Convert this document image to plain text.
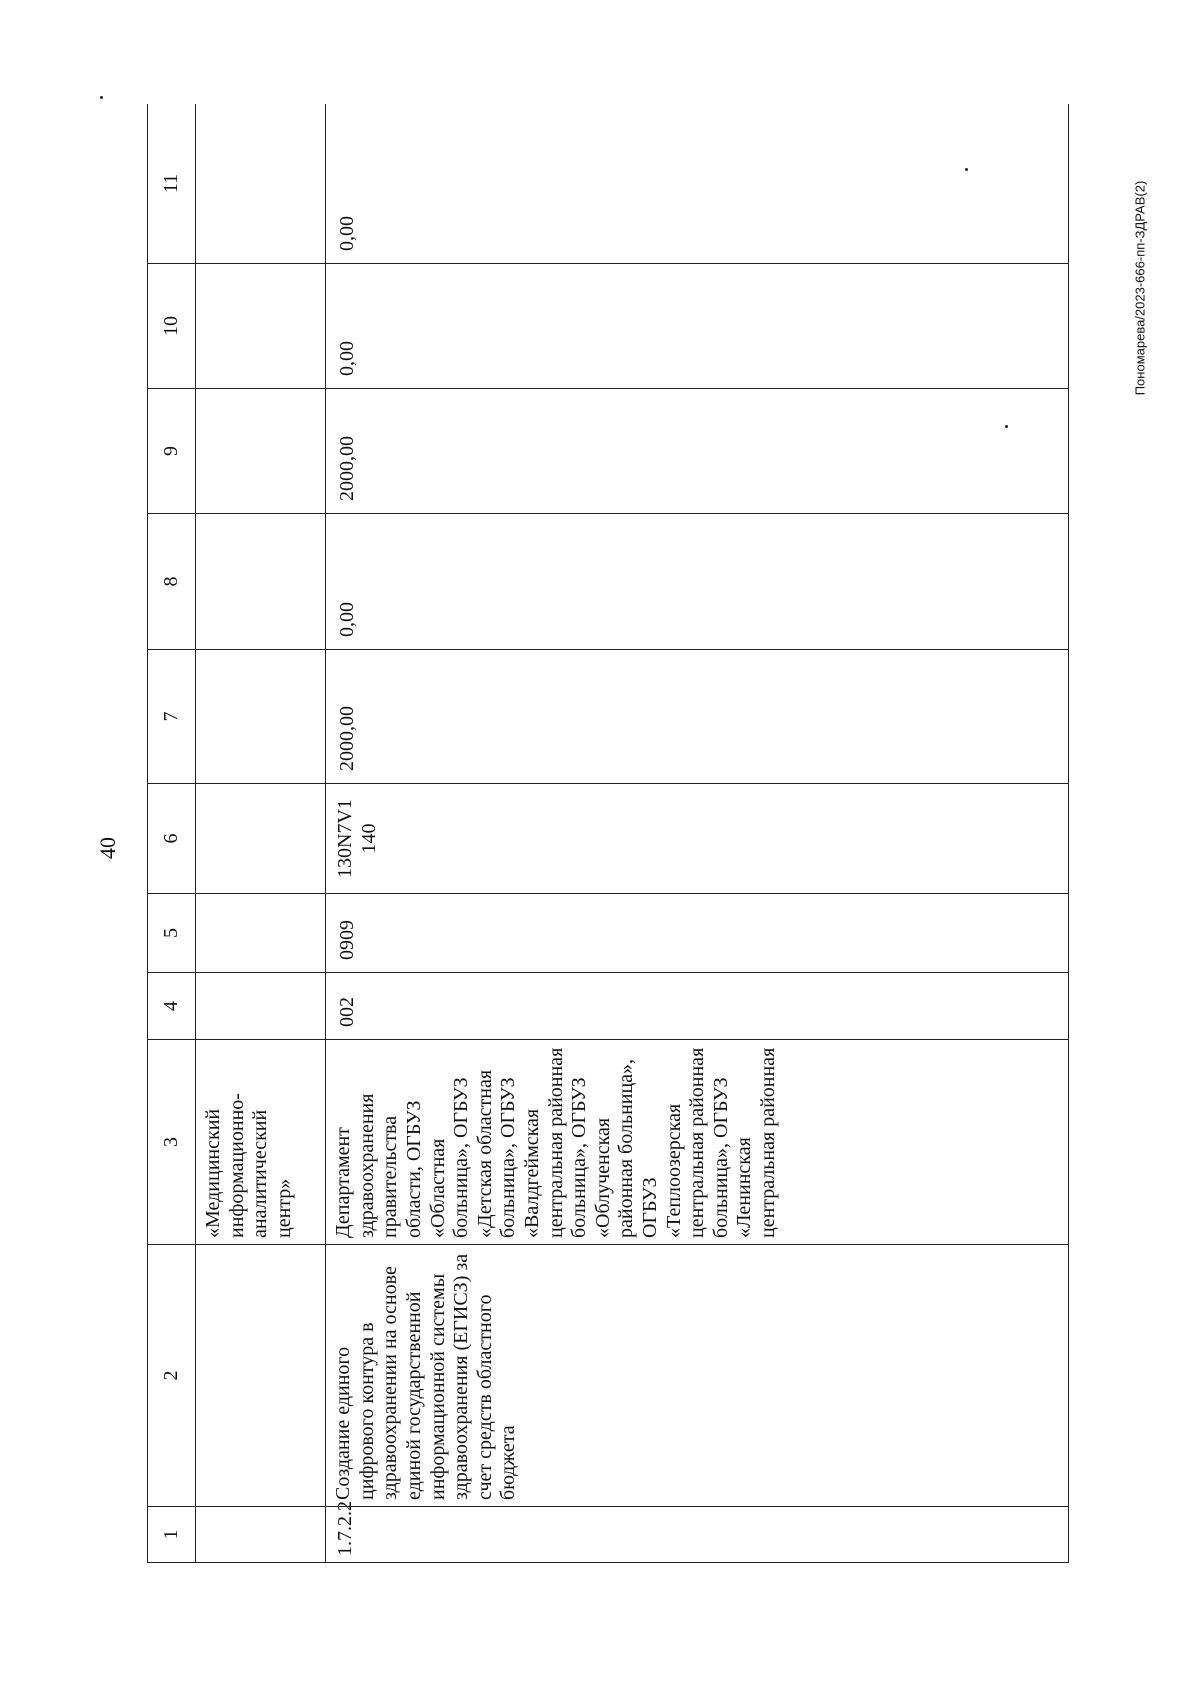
40
Пономарева/2023-666-пп-ЗДРАВ(2)
1	2	3	4	5	6	7	8	9	10	11
		«Медицинский информационно-аналитический центр»								
1.7.2.2	Создание единого цифрового контура в здравоохранении на основе единой государственной информационной системы здравоохранения (ЕГИСЗ) за счет средств областного бюджета	Департамент здравоохранения правительства области, ОГБУЗ «Областная больница», ОГБУЗ «Детская областная больница», ОГБУЗ «Валдгеймская центральная районная больница», ОГБУЗ «Облученская районная больница», ОГБУЗ «Теплоозерская центральная районная больница», ОГБУЗ «Ленинская центральная районная	002	0909	130N7V1 140	2000,00	0,00	2000,00	0,00	0,00
